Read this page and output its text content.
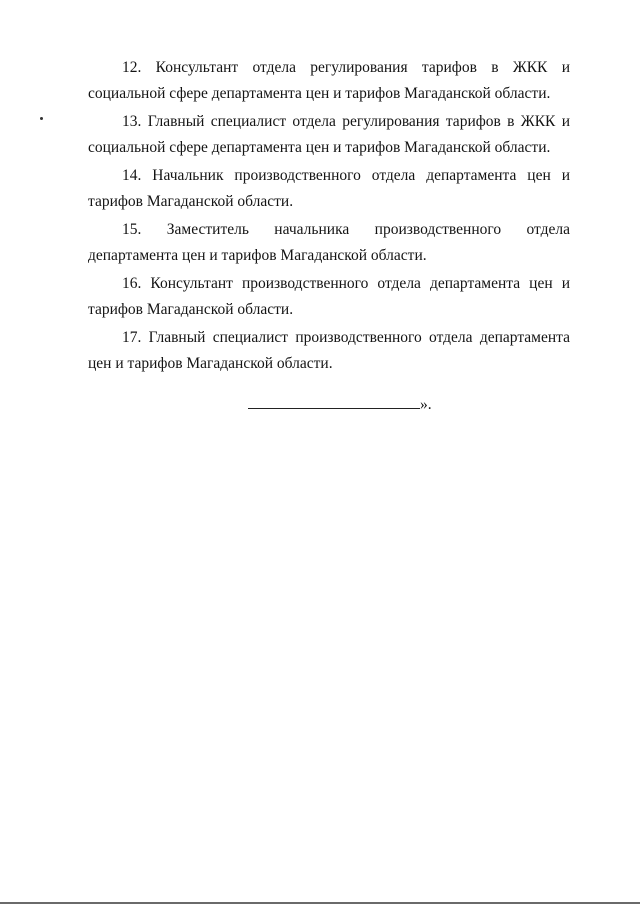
12. Консультант отдела регулирования тарифов в ЖКК и социальной сфере департамента цен и тарифов Магаданской области.

13. Главный специалист отдела регулирования тарифов в ЖКК и социальной сфере департамента цен и тарифов Магаданской области.

14. Начальник производственного отдела департамента цен и тарифов Магаданской области.

15. Заместитель начальника производственного отдела департамента цен и тарифов Магаданской области.

16. Консультант производственного отдела департамента цен и тарифов Магаданской области.

17. Главный специалист производственного отдела департамента цен и тарифов Магаданской области.

».
